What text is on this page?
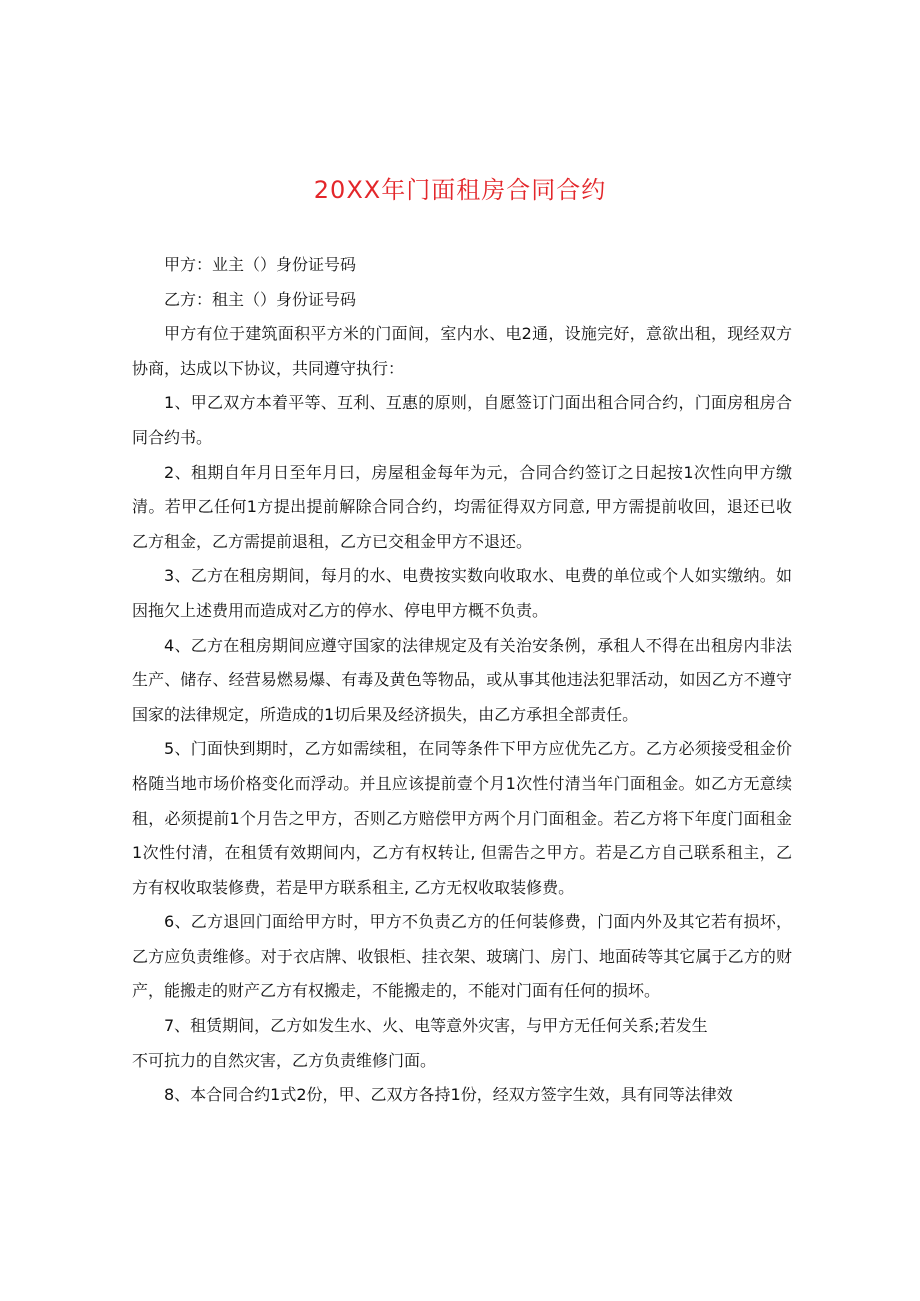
20XX年门面租房合同合约

甲方：业主（）身份证号码

乙方：租主（）身份证号码

甲方有位于建筑面积平方米的门面间，室内水、电2通，设施完好，意欲出租，现经双方协商，达成以下协议，共同遵守执行：

1、甲乙双方本着平等、互利、互惠的原则，自愿签订门面出租合同合约，门面房租房合同合约书。

2、租期自年月日至年月曰，房屋租金每年为元，合同合约签订之日起按1次性向甲方缴清。若甲乙任何1方提出提前解除合同合约，均需征得双方同意, 甲方需提前收回，退还已收乙方租金，乙方需提前退租，乙方已交租金甲方不退还。

3、乙方在租房期间，每月的水、电费按实数向收取水、电费的单位或个人如实缴纳。如因拖欠上述费用而造成对乙方的停水、停电甲方概不负责。

4、乙方在租房期间应遵守国家的法律规定及有关治安条例，承租人不得在出租房内非法生产、储存、经营易燃易爆、有毒及黄色等物品，或从事其他违法犯罪活动，如因乙方不遵守国家的法律规定，所造成的1切后果及经济损失，由乙方承担全部责任。

5、门面快到期时，乙方如需续租，在同等条件下甲方应优先乙方。乙方必须接受租金价格随当地市场价格变化而浮动。并且应该提前壹个月1次性付清当年门面租金。如乙方无意续租，必须提前1个月告之甲方，否则乙方赔偿甲方两个月门面租金。若乙方将下年度门面租金1次性付清，在租赁有效期间内，乙方有权转让, 但需告之甲方。若是乙方自己联系租主，乙方有权收取装修费，若是甲方联系租主, 乙方无权收取装修费。

6、乙方退回门面给甲方时，甲方不负责乙方的任何装修费，门面内外及其它若有损坏，乙方应负责维修。对于衣店牌、收银柜、挂衣架、玻璃门、房门、地面砖等其它属于乙方的财产，能搬走的财产乙方有权搬走，不能搬走的，不能对门面有任何的损坏。

7、租赁期间，乙方如发生水、火、电等意外灾害，与甲方无任何关系;若发生
不可抗力的自然灾害，乙方负责维修门面。

8、本合同合约1式2份，甲、乙双方各持1份，经双方签字生效，具有同等法律效
